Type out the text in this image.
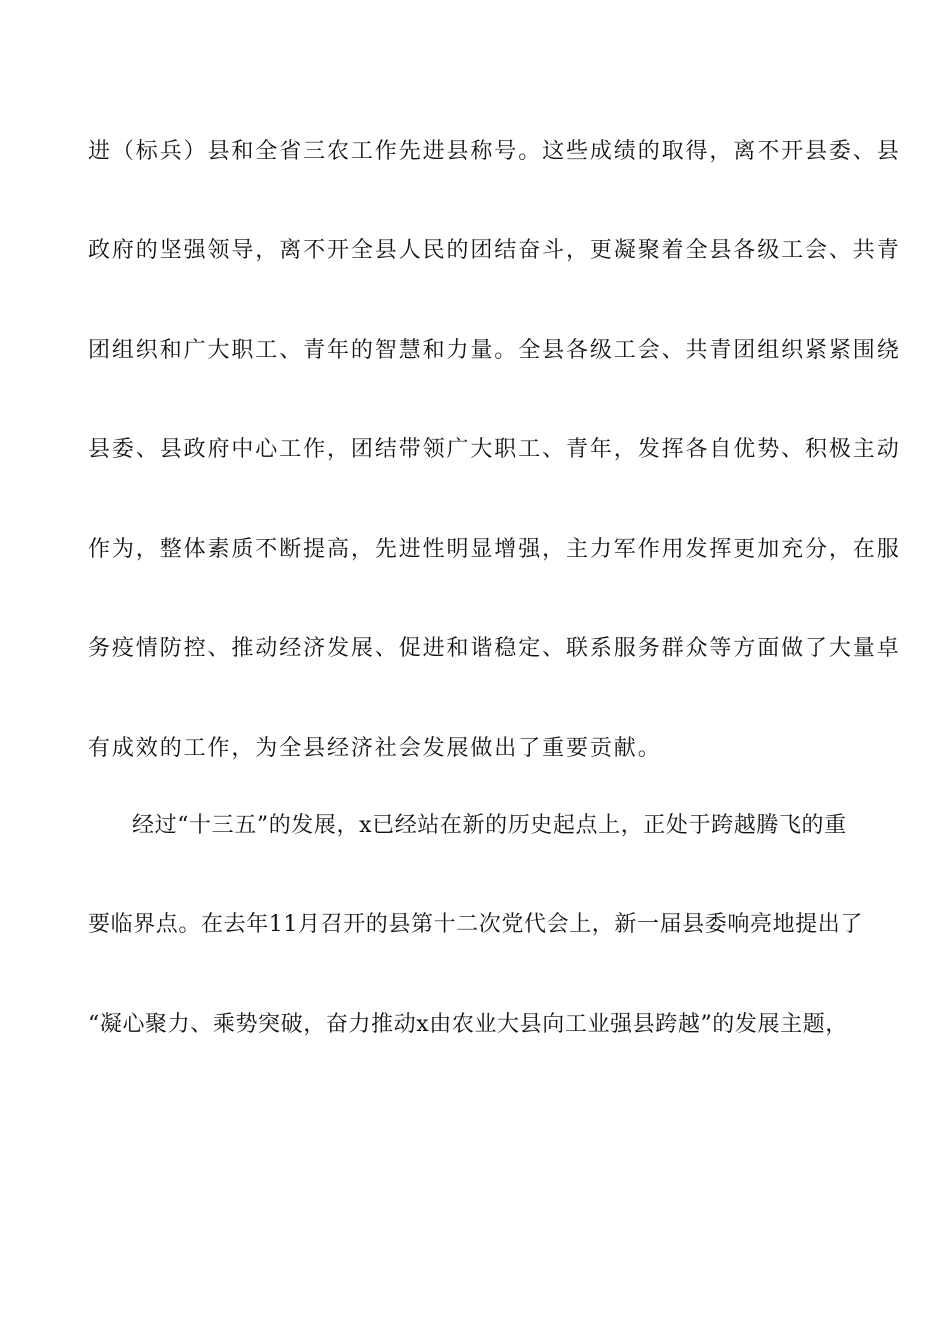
进（标兵）县和全省三农工作先进县称号。这些成绩的取得，离不开县委、县
政府的坚强领导，离不开全县人民的团结奋斗，更凝聚着全县各级工会、共青
团组织和广大职工、青年的智慧和力量。全县各级工会、共青团组织紧紧围绕
县委、县政府中心工作，团结带领广大职工、青年，发挥各自优势、积极主动
作为，整体素质不断提高，先进性明显增强，主力军作用发挥更加充分，在服
务疫情防控、推动经济发展、促进和谐稳定、联系服务群众等方面做了大量卓
有成效的工作，为全县经济社会发展做出了重要贡献。
经过“十三五”的发展，x已经站在新的历史起点上，正处于跨越腾飞的重
要临界点。在去年11月召开的县第十二次党代会上，新一届县委响亮地提出了
“凝心聚力、乘势突破，奋力推动x由农业大县向工业强县跨越”的发展主题，
